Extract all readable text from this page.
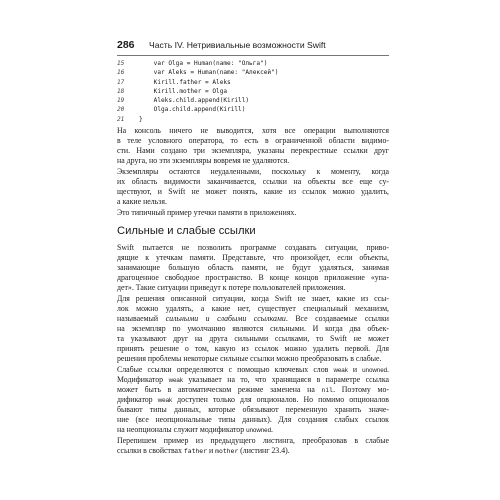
286 Часть IV. Нетривиальные возможности Swift
15    var Olga = Human(name: "Ольга")
16    var Aleks = Human(name: "Алексей")
17    Kirill.father = Aleks
18    Kirill.mother = Olga
19    Aleks.child.append(Kirill)
20    Olga.child.append(Kirill)
21 }
На консоль ничего не выводится, хотя все операции выполняются
в теле условного оператора, то есть в ограниченной области видимо-
сти. Нами создано три экземпляра, указаны перекрестные ссылки друг
на друга, но эти экземпляры вовремя не удаляются.
Экземпляры остаются неудаленными, поскольку к моменту, когда
их область видимости заканчивается, ссылки на объекты все еще су-
ществуют, и Swift не может понять, какие из ссылок можно удалить,
а какие нельзя.
Это типичный пример утечки памяти в приложениях.
Сильные и слабые ссылки
Swift пытается не позволить программе создавать ситуации, приво-
дящие к утечкам памяти. Представьте, что произойдет, если объекты,
занимающие большую область памяти, не будут удаляться, занимая
драгоценное свободное пространство. В конце концов приложение «упа-
дет». Такие ситуации приведут к потере пользователей приложения.
Для решения описанной ситуации, когда Swift не знает, какие из ссы-
лок можно удалять, а какие нет, существует специальный механизм,
называемый сильными и слабыми ссылками. Все создаваемые ссылки
на экземпляр по умолчанию являются сильными. И когда два объек-
та указывают друг на друга сильными ссылками, то Swift не может
принять решение о том, какую из ссылок можно удалить первой. Для
решения проблемы некоторые сильные ссылки можно преобразовать в слабые.
Слабые ссылки определяются с помощью ключевых слов weak и unowned.
Модификатор weak указывает на то, что хранящаяся в параметре ссылка
может быть в автоматическом режиме заменена на nil. Поэтому мо-
дификатор weak доступен только для опционалов. Но помимо опционалов
бывают типы данных, которые обязывают переменную хранить значе-
ние (все неопциональные типы данных). Для создания слабых ссылок
на неопционалы служит модификатор unowned.
Перепишем пример из предыдущего листинга, преобразовав в слабые
ссылки в свойствах father и mother (листинг 23.4).
